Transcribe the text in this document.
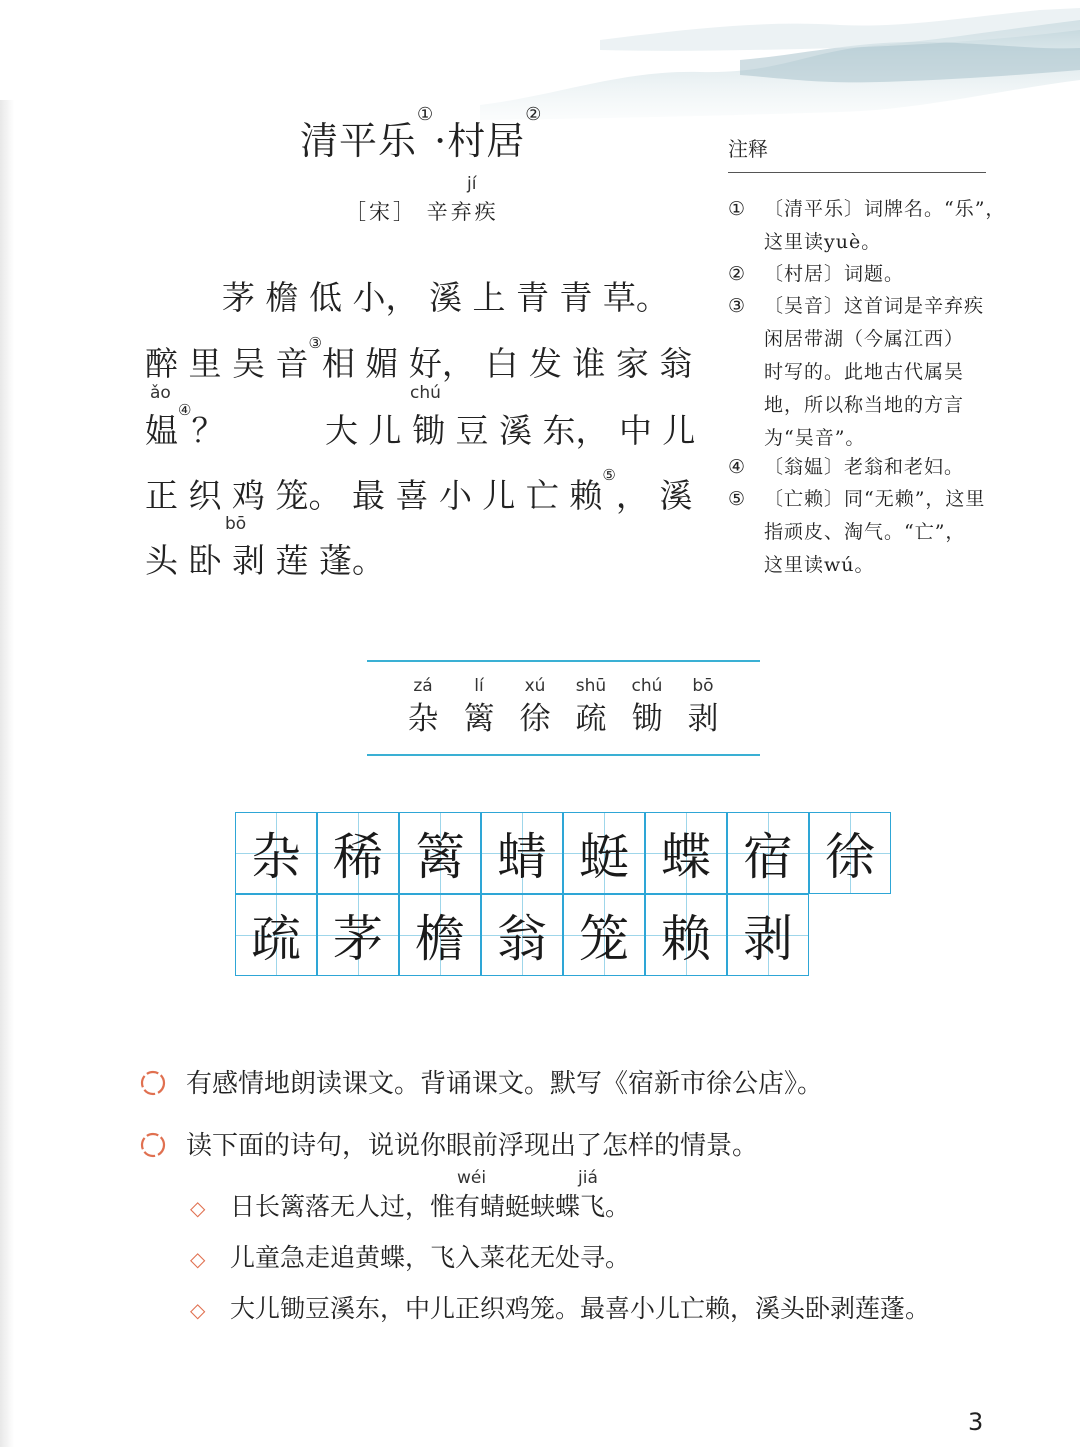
清平乐①·村居②
jí
［宋］ 辛弃疾
茅 檐 低 小， 溪 上 青 青 草。
醉 里 吴 音③相 媚 好， 白 发 谁 家 翁
ǎo	chú
媪④？	大 儿 锄 豆 溪 东， 中 儿
正 织 鸡 笼。 最 喜 小 儿 亡 赖⑤， 溪
bō
头 卧 剥 莲 蓬。
注释
① 〔清平乐〕词牌名。“乐”，
这里读yuè。
② 〔村居〕词题。
③ 〔吴音〕这首词是辛弃疾
闲居带湖（今属江西）
时写的。此地古代属吴
地，所以称当地的方言
为“吴音”。
④ 〔翁媪〕老翁和老妇。
⑤ 〔亡赖〕同“无赖”，这里
指顽皮、淘气。“亡”，
这里读wú。
zá
杂
lí
篱
xú
徐
shū
疏
chú
锄
bō
剥
杂 稀 篱 蜻 蜓 蝶 宿 徐
疏 茅 檐 翁 笼 赖 剥
有感情地朗读课文。背诵课文。默写《宿新市徐公店》。
读下面的诗句，说说你眼前浮现出了怎样的情景。
wéi	jiá
◇ 日长篱落无人过，惟有蜻蜓蛱蝶飞。
◇ 儿童急走追黄蝶，飞入菜花无处寻。
◇ 大儿锄豆溪东，中儿正织鸡笼。最喜小儿亡赖，溪头卧剥莲蓬。
3
